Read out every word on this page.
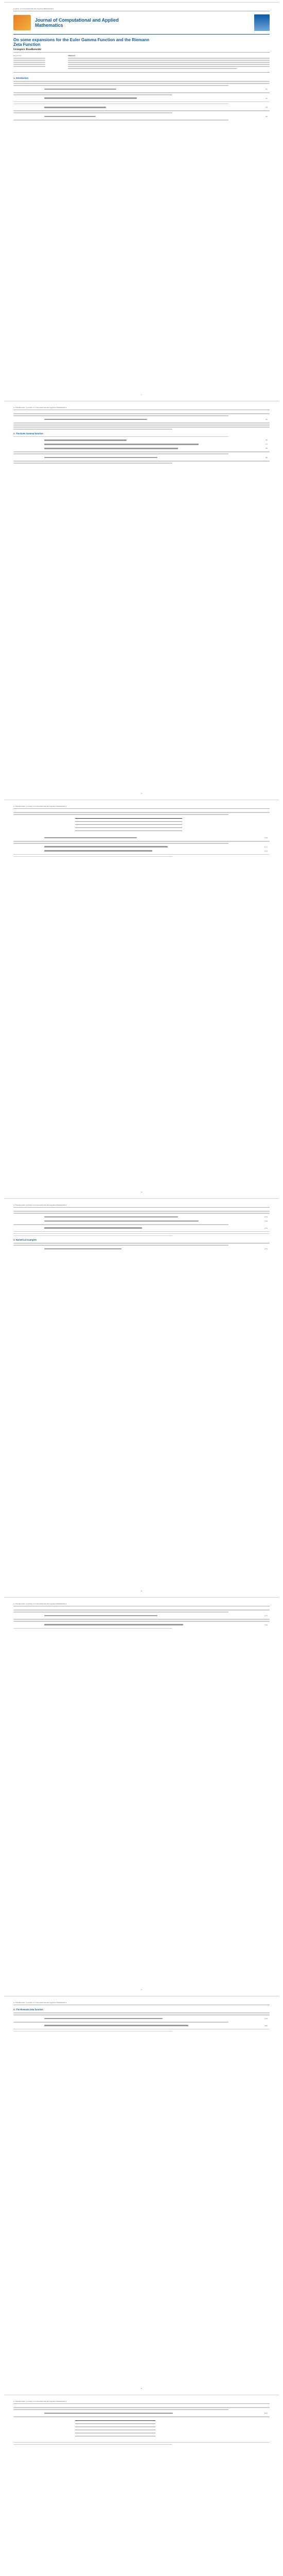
Journal of Computational and Applied Mathematics
Journal of Computational and Applied
Mathematics
On some expansions for the Euler Gamma Function and the Riemann
Zeta Function
Grzegorz Rzadkowski
Keywords:	Abstract
1. Introduction
(1)
(2)
(3)
(4)
1
G. Rzadkowski / Journal of Computational and Applied Mathematics
(5)
2. The Euler Gamma function
(6)
(7)
(8)
(9)
2
G. Rzadkowski / Journal of Computational and Applied Mathematics

(10)
(11)
(12)
3
G. Rzadkowski / Journal of Computational and Applied Mathematics
(13)
(14)
(15)
3. Numerical examples
(16)
4
G. Rzadkowski / Journal of Computational and Applied Mathematics
(17)
(18)
5
G. Rzadkowski / Journal of Computational and Applied Mathematics
4. The Riemann zeta function
(19)
(20)
6
G. Rzadkowski / Journal of Computational and Applied Mathematics
(21)
